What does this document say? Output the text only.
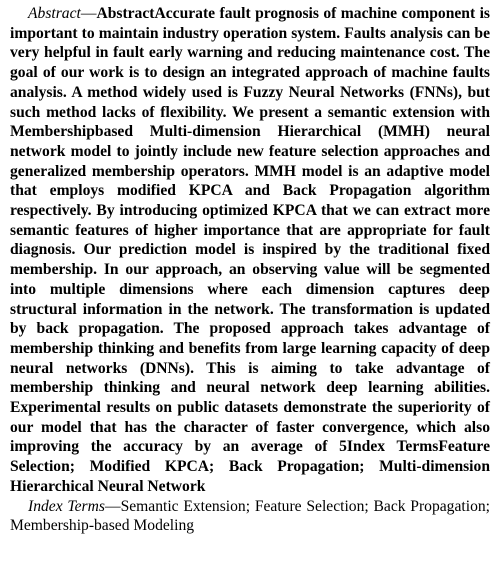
Abstract—AbstractAccurate fault prognosis of machine component is important to maintain industry operation system. Faults analysis can be very helpful in fault early warning and reducing maintenance cost. The goal of our work is to design an integrated approach of machine faults analysis. A method widely used is Fuzzy Neural Networks (FNNs), but such method lacks of flexibility. We present a semantic extension with Membershipbased Multi-dimension Hierarchical (MMH) neural network model to jointly include new feature selection approaches and generalized membership operators. MMH model is an adaptive model that employs modified KPCA and Back Propagation algorithm respectively. By introducing optimized KPCA that we can extract more semantic features of higher importance that are appropriate for fault diagnosis. Our prediction model is inspired by the traditional fixed membership. In our approach, an observing value will be segmented into multiple dimensions where each dimension captures deep structural information in the network. The transformation is updated by back propagation. The proposed approach takes advantage of membership thinking and benefits from large learning capacity of deep neural networks (DNNs). This is aiming to take advantage of membership thinking and neural network deep learning abilities. Experimental results on public datasets demonstrate the superiority of our model that has the character of faster convergence, which also improving the accuracy by an average of 5Index TermsFeature Selection; Modified KPCA; Back Propagation; Multi-dimension Hierarchical Neural Network

Index Terms—Semantic Extension; Feature Selection; Back Propagation; Membership-based Modeling
